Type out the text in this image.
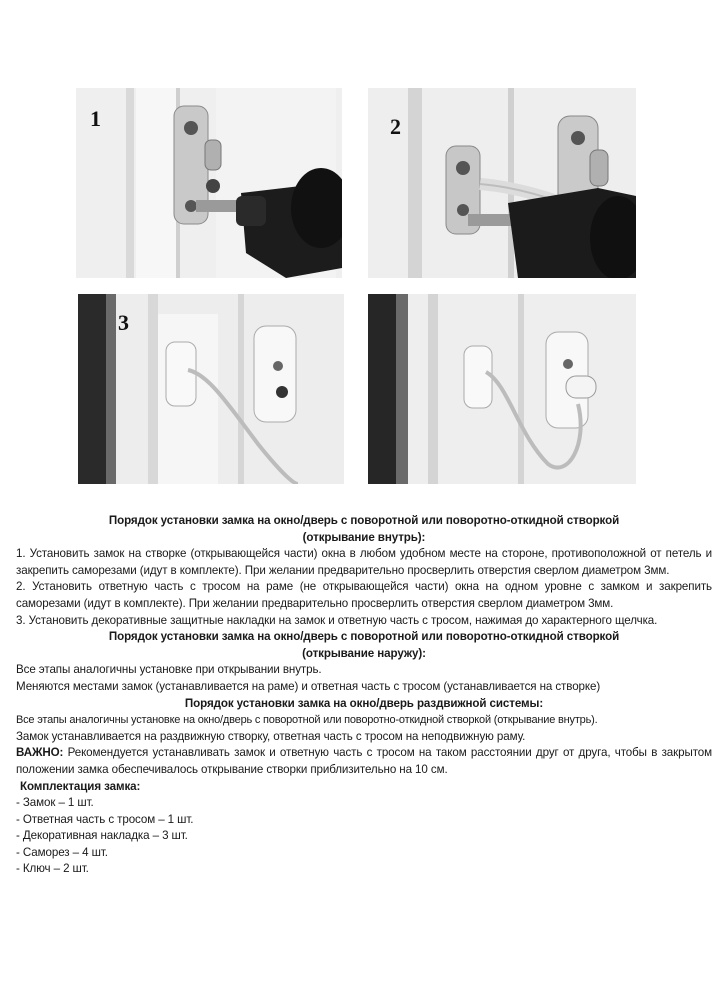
1	2
3

Порядок установки замка на окно/дверь с поворотной или поворотно-откидной створкой

(открывание внутрь):

1. Установить замок на створке (открывающейся части) окна в любом удобном месте на стороне, противоположной от петель и закрепить саморезами (идут в комплекте). При желании предварительно просверлить отверстия сверлом диаметром 3мм.

2. Установить ответную часть с тросом на раме (не открывающейся части) окна на одном уровне с замком и закрепить саморезами (идут в комплекте). При желании предварительно просверлить отверстия сверлом диаметром 3мм.

3. Установить декоративные защитные накладки на замок и ответную часть с тросом, нажимая до характерного щелчка.

Порядок установки замка на окно/дверь с поворотной или поворотно-откидной створкой

(открывание наружу):

Все этапы аналогичны установке при открывании внутрь.

Меняются местами замок (устанавливается на раме) и ответная часть с тросом (устанавливается на створке)

Порядок установки замка на окно/дверь раздвижной системы:

Все этапы аналогичны установке на окно/дверь с поворотной или поворотно-откидной створкой (открывание внутрь).

Замок устанавливается на раздвижную створку, ответная часть с тросом на неподвижную раму.

ВАЖНО: Рекомендуется устанавливать замок и ответную часть с тросом на таком расстоянии друг от друга, чтобы в закрытом положении замка обеспечивалось открывание створки приблизительно на 10 см.

Комплектация замка:

- Замок – 1 шт.

- Ответная часть с тросом – 1 шт.

- Декоративная накладка – 3 шт.

- Саморез – 4 шт.

- Ключ – 2 шт.
